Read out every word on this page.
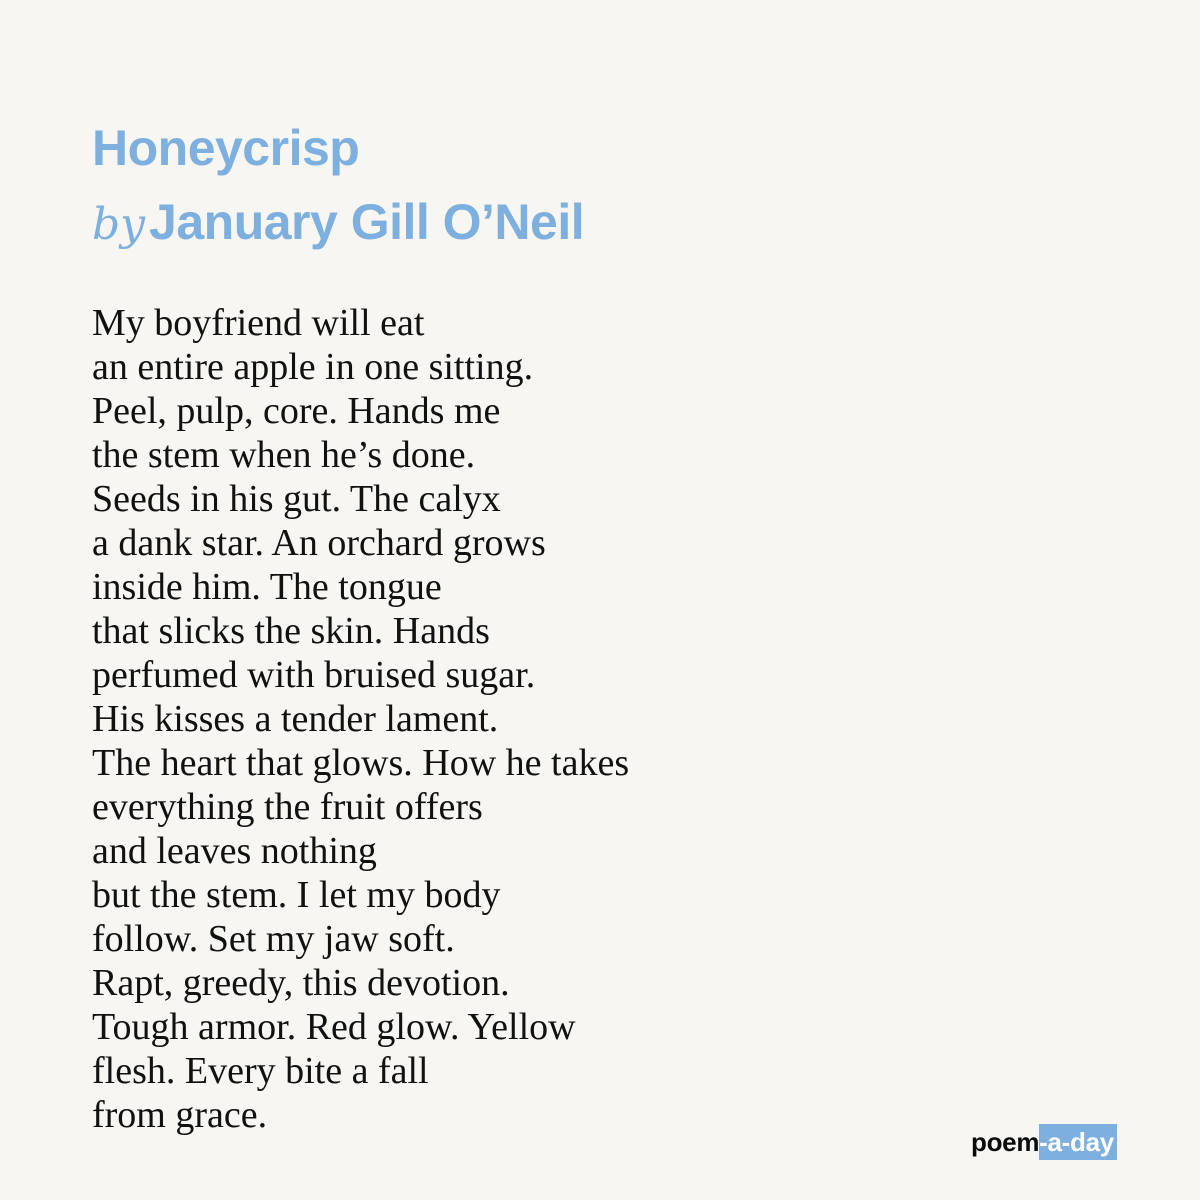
Honeycrisp
by January Gill O’Neil
My boyfriend will eat
an entire apple in one sitting.
Peel, pulp, core. Hands me
the stem when he’s done.
Seeds in his gut. The calyx
a dank star. An orchard grows
inside him. The tongue
that slicks the skin. Hands
perfumed with bruised sugar.
His kisses a tender lament.
The heart that glows. How he takes
everything the fruit offers
and leaves nothing
but the stem. I let my body
follow. Set my jaw soft.
Rapt, greedy, this devotion.
Tough armor. Red glow. Yellow
flesh. Every bite a fall
from grace.
poem -a-day
